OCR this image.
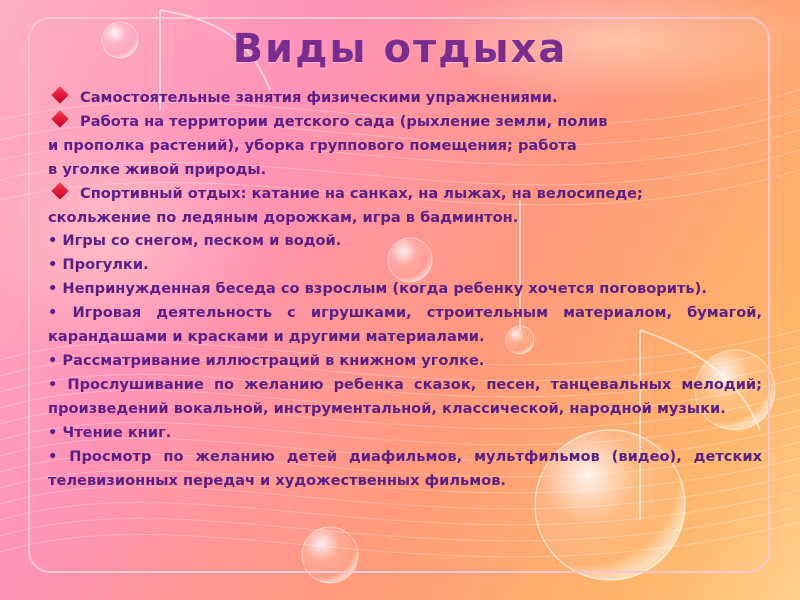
Виды отдыха
Самостоятельные занятия физическими упражнениями.
Работа на территории детского сада (рыхление земли, полив
и прополка растений), уборка группового помещения; работа
в уголке живой природы.
Спортивный отдых: катание на санках, на лыжах, на велосипеде;
скольжение по ледяным дорожкам, игра в бадминтон.
• Игры со снегом, песком и водой.
• Прогулки.
• Непринужденная беседа со взрослым (когда ребенку хочется поговорить).
• Игровая деятельность с игрушками, строительным материалом, бумагой, карандашами и красками и другими материалами.
• Рассматривание иллюстраций в книжном уголке.
• Прослушивание по желанию ребенка сказок, песен, танцевальных мелодий; произведений вокальной, инструментальной, классической, народной музыки.
• Чтение книг.
• Просмотр по желанию детей диафильмов, мультфильмов (видео), детских телевизионных передач и художественных фильмов.
